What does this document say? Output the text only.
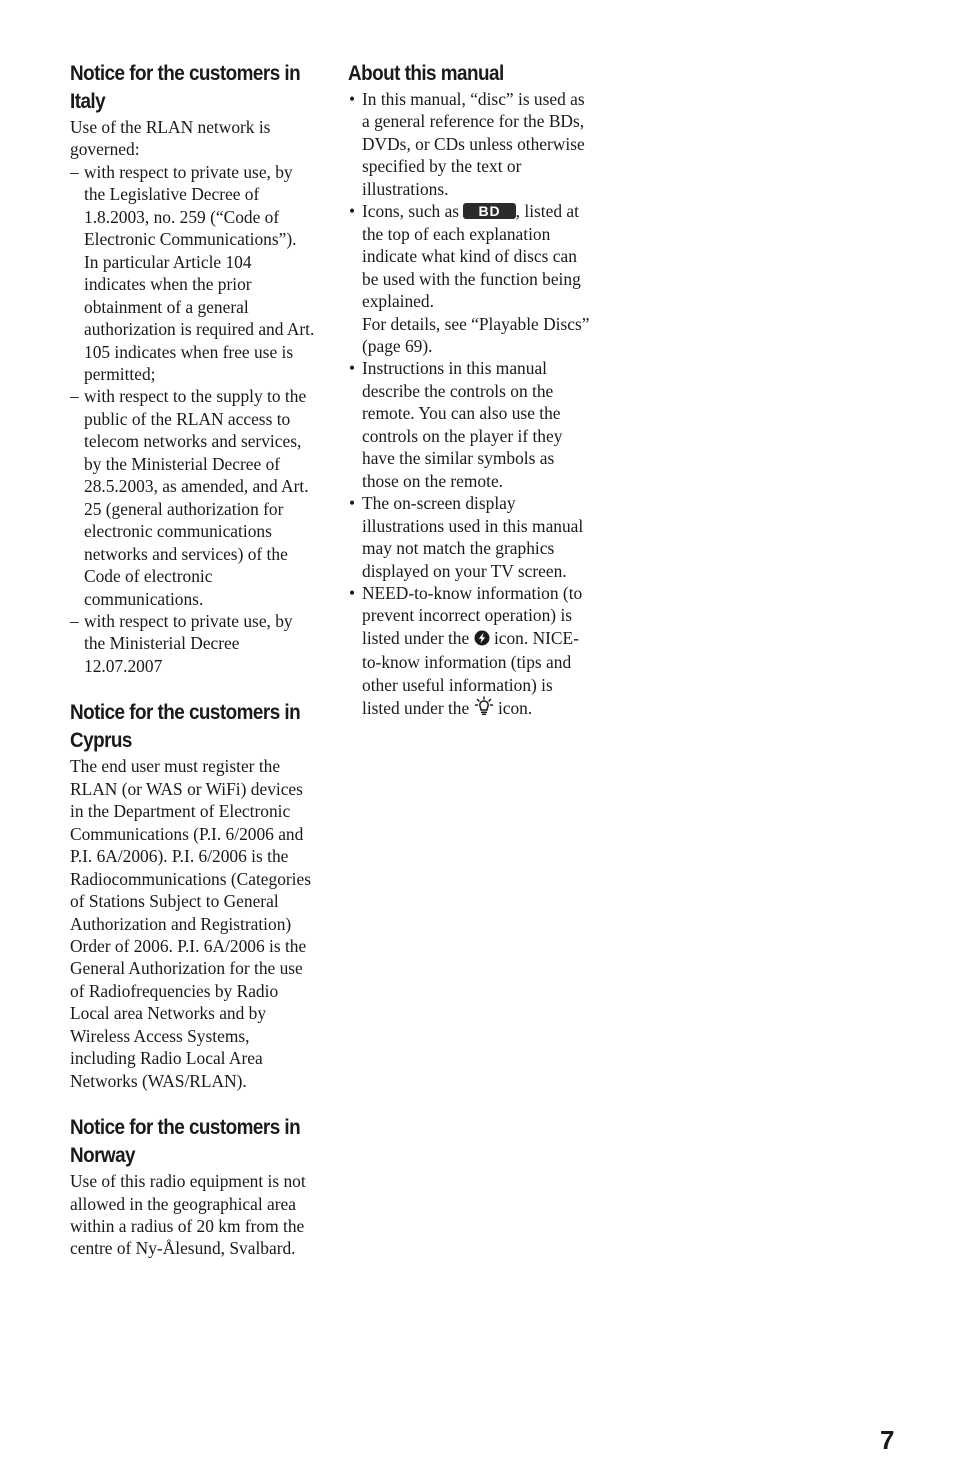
Notice for the customers in Italy

Use of the RLAN network is governed:

– with respect to private use, by the Legislative Decree of 1.8.2003, no. 259 (“Code of Electronic Communications”). In particular Article 104 indicates when the prior obtainment of a general authorization is required and Art. 105 indicates when free use is permitted;
– with respect to the supply to the public of the RLAN access to telecom networks and services, by the Ministerial Decree of 28.5.2003, as amended, and Art. 25 (general authorization for electronic communications networks and services) of the Code of electronic communications.
– with respect to private use, by the Ministerial Decree 12.07.2007
Notice for the customers in Cyprus

The end user must register the RLAN (or WAS or WiFi) devices in the Department of Electronic Communications (P.I. 6/2006 and P.I. 6A/2006). P.I. 6/2006 is the Radiocommunications (Categories of Stations Subject to General Authorization and Registration) Order of 2006. P.I. 6A/2006 is the General Authorization for the use of Radiofrequencies by Radio Local area Networks and by Wireless Access Systems, including Radio Local Area Networks (WAS/RLAN).

Notice for the customers in Norway

Use of this radio equipment is not allowed in the geographical area within a radius of 20 km from the centre of Ny-Ålesund, Svalbard.

About this manual
• In this manual, “disc” is used as a general reference for the BDs, DVDs, or CDs unless otherwise specified by the text or illustrations.
• Icons, such as BD , listed at the top of each explanation indicate what kind of discs can be used with the function being explained.
For details, see “Playable Discs” (page 69).
• Instructions in this manual describe the controls on the remote. You can also use the controls on the player if they have the similar symbols as those on the remote.
• The on-screen display illustrations used in this manual may not match the graphics displayed on your TV screen.
• NEED-to-know information (to prevent incorrect operation) is listed under the icon. NICE-to-know information (tips and other useful information) is listed under the icon.
7
